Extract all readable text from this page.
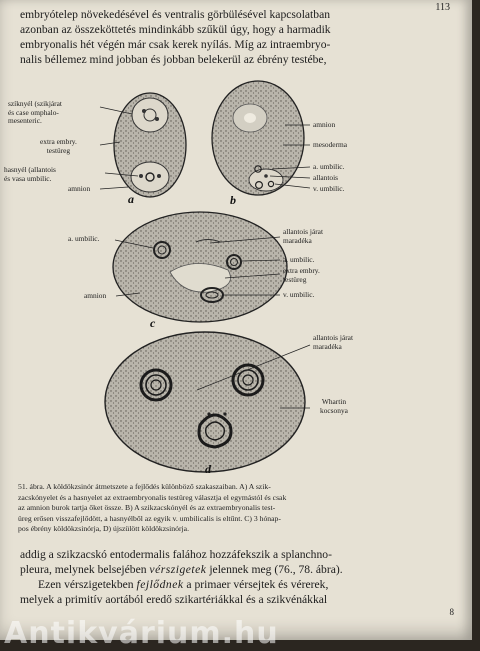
113

embryótelep növekedésével és ventralis görbülésével kapcsolatban
azonban az összeköttetés mindinkább szűkül úgy, hogy a harmadik
embryonalis hét végén már csak kerek nyílás. Míg az intraembryo-
nalis béllemez mind jobban és jobban belekerül az ébrény testébe,

szíknyél (szikjárat
és case omphalo-
mesenteric.
extra embry.
testüreg
hasnyél (allantois
és vasa umbilic.
amnion
a
amnion
mesoderma
a. umbilic.
allantois
v. umbilic.
b
a. umbilic.
allantois járat
maradéka
a. umbilic.
extra embry.
testüreg
amnion	v. umbilic.
c
allantois járat
maradéka
Whartin
kocsonya
d
51. ábra. A köldökzsinór átmetszete a fejlődés különböző szakaszaiban. A) A szik-
zacskónyelet és a hasnyelet az extraembryonalis testüreg választja el egymástól és csak
az amnion burok tartja őket össze. B) A szikzacskónyél és az extraembryonalis test-
üreg erősen visszafejlődött, a hasnyélből az egyik v. umbilicalis is eltűnt. C) 3 hónap-
pos ébrény köldökzsinórja, D) újszülött köldökzsinórja.

addig a szikzacskó entodermalis falához hozzáfekszik a splanchno-
pleura, melynek belsejében vérszigetek jelennek meg (76., 78. ábra).
Ezen vérszigetekben fejlődnek a primaer vérsejtek és vérerek,
melyek a primitív aortából eredő szikartériákkal és a szikvénákkal

8
Antikvárium.hu
